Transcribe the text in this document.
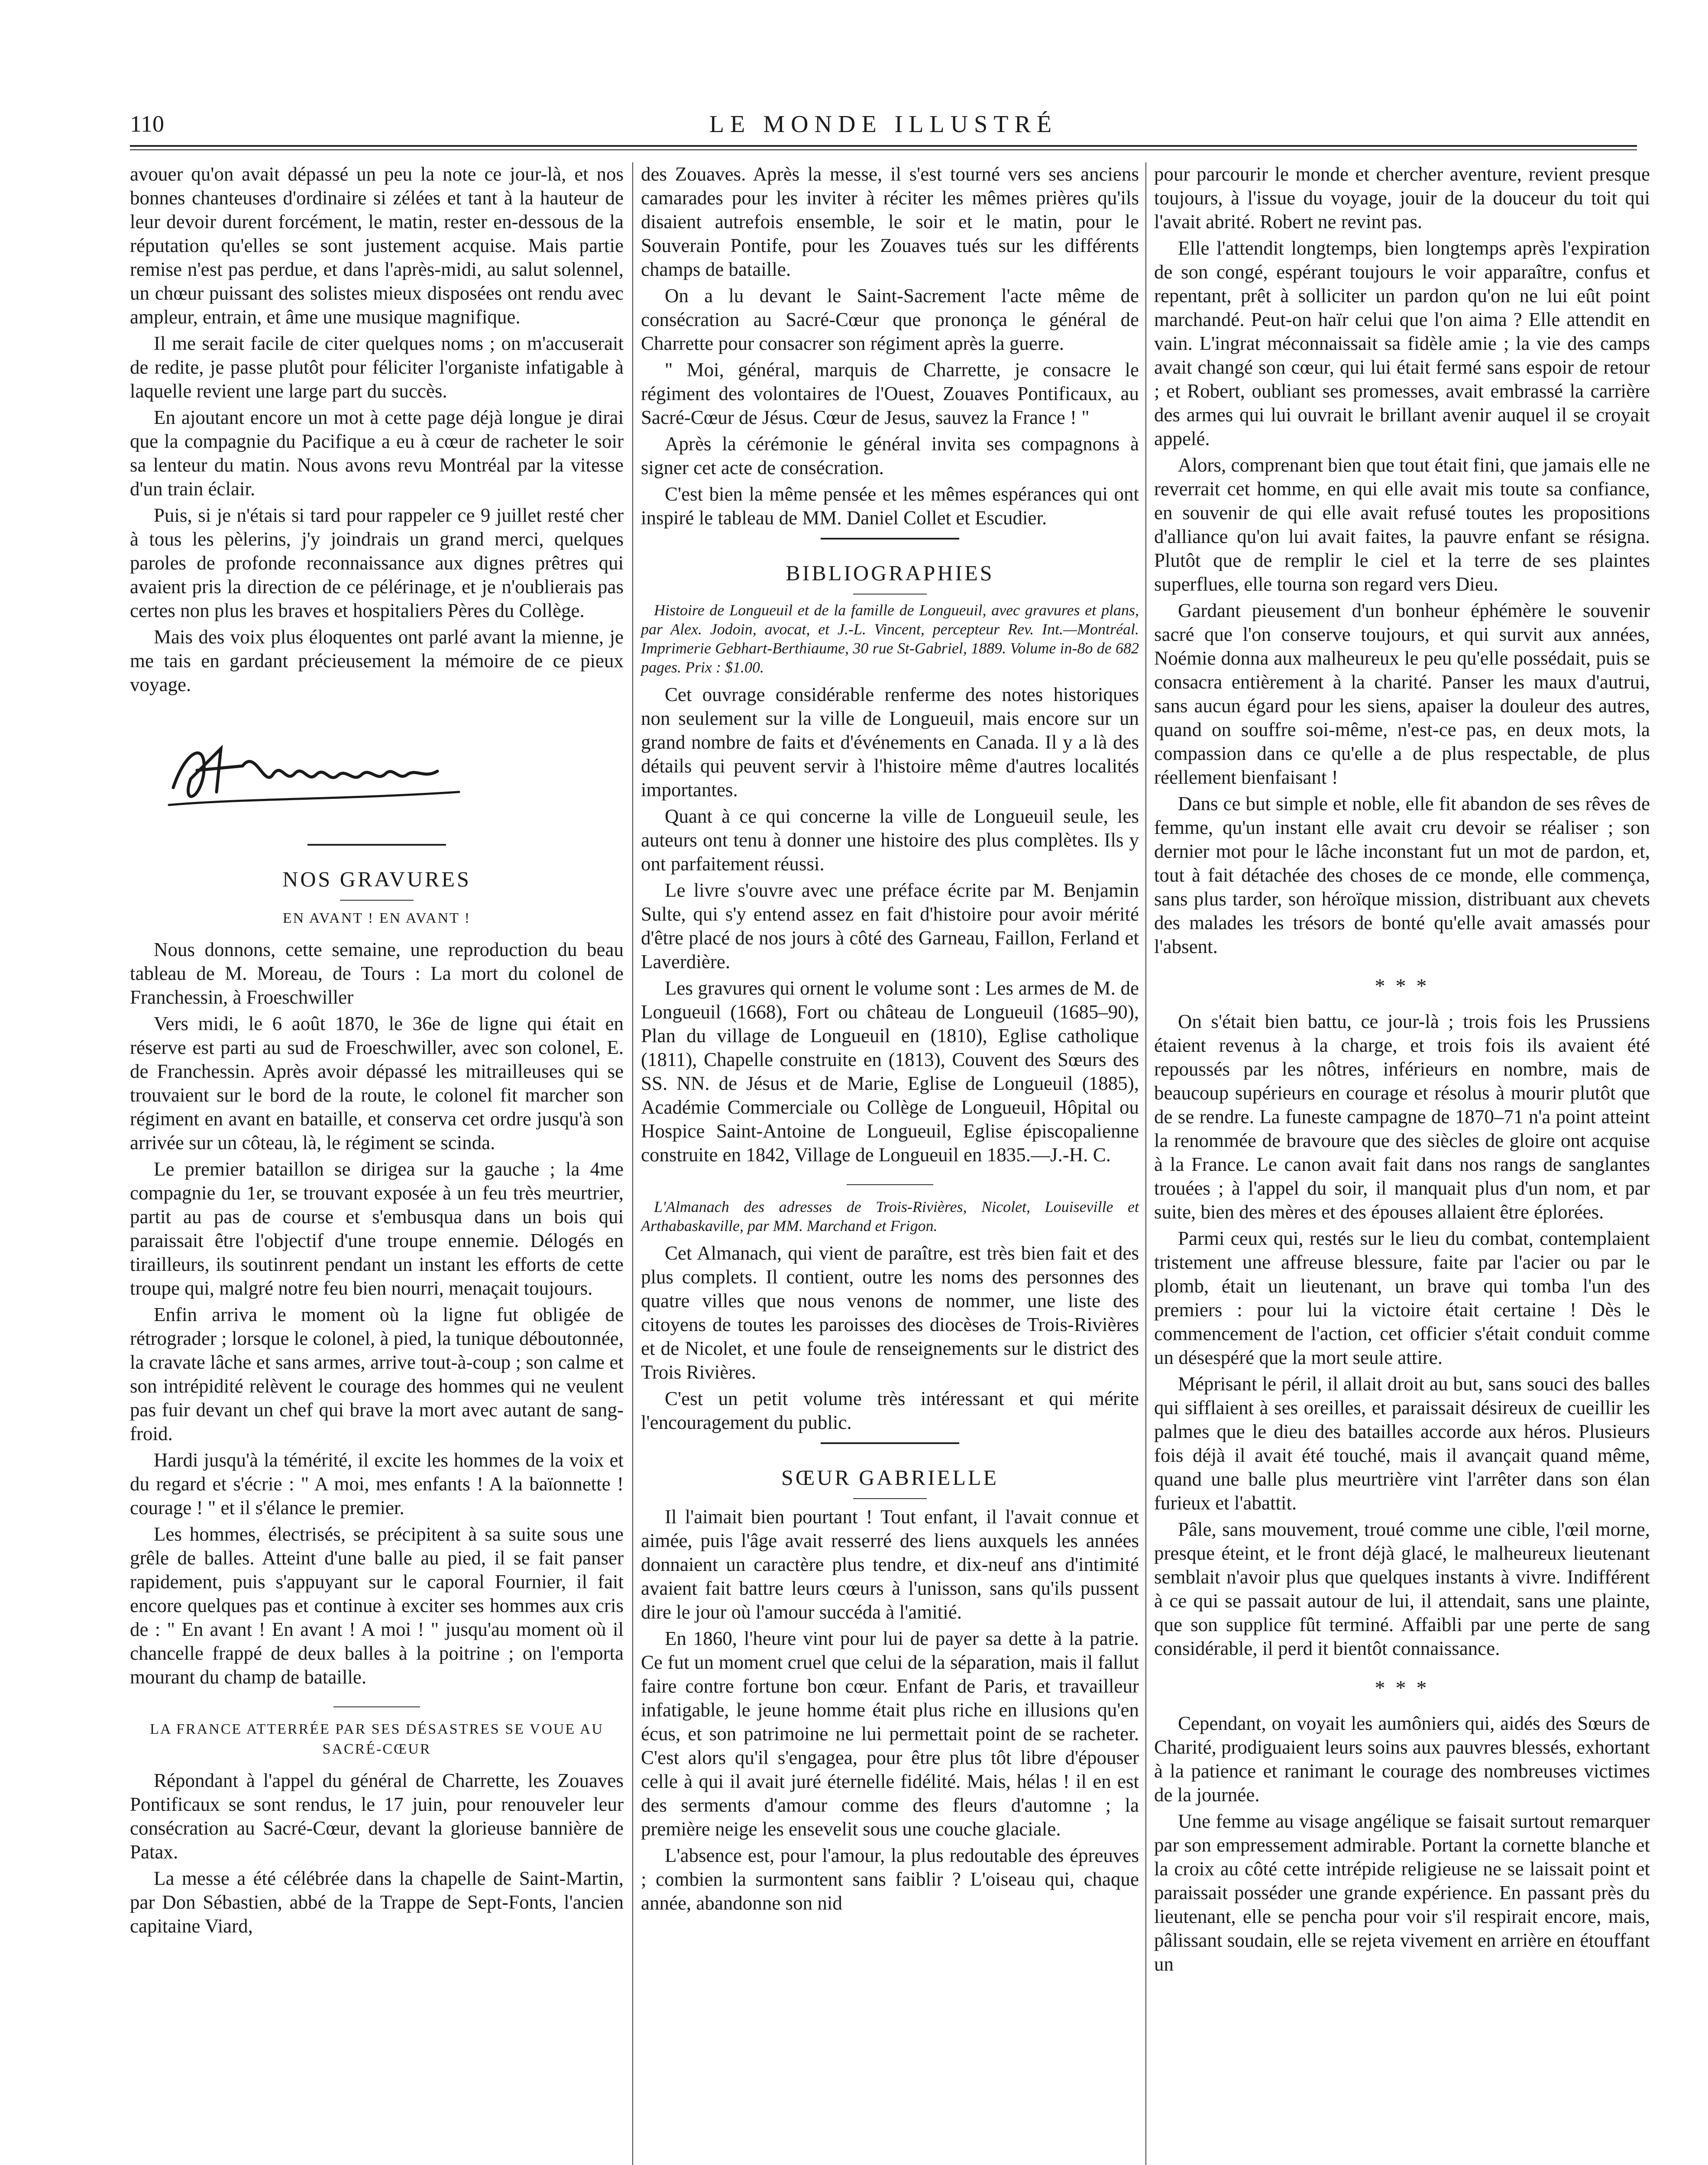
110	LE MONDE ILLUSTRÉ

avouer qu'on avait dépassé un peu la note ce jour-là, et nos bonnes chanteuses d'ordinaire si zélées et tant à la hauteur de leur devoir durent forcément, le matin, rester en-dessous de la réputation qu'elles se sont justement acquise. Mais partie remise n'est pas perdue, et dans l'après-midi, au salut solennel, un chœur puissant des solistes mieux disposées ont rendu avec ampleur, entrain, et âme une musique magnifique.

Il me serait facile de citer quelques noms ; on m'accuserait de redite, je passe plutôt pour féliciter l'organiste infatigable à laquelle revient une large part du succès.

En ajoutant encore un mot à cette page déjà longue je dirai que la compagnie du Pacifique a eu à cœur de racheter le soir sa lenteur du matin. Nous avons revu Montréal par la vitesse d'un train éclair.

Puis, si je n'étais si tard pour rappeler ce 9 juillet resté cher à tous les pèlerins, j'y joindrais un grand merci, quelques paroles de profonde reconnaissance aux dignes prêtres qui avaient pris la direction de ce pélérinage, et je n'oublierais pas certes non plus les braves et hospitaliers Pères du Collège.

Mais des voix plus éloquentes ont parlé avant la mienne, je me tais en gardant précieusement la mémoire de ce pieux voyage.

NOS GRAVURES
EN AVANT ! EN AVANT !

Nous donnons, cette semaine, une reproduction du beau tableau de M. Moreau, de Tours : La mort du colonel de Franchessin, à Froeschwiller

Vers midi, le 6 août 1870, le 36e de ligne qui était en réserve est parti au sud de Froeschwiller, avec son colonel, E. de Franchessin. Après avoir dépassé les mitrailleuses qui se trouvaient sur le bord de la route, le colonel fit marcher son régiment en avant en bataille, et conserva cet ordre jusqu'à son arrivée sur un côteau, là, le régiment se scinda.

Le premier bataillon se dirigea sur la gauche ; la 4me compagnie du 1er, se trouvant exposée à un feu très meurtrier, partit au pas de course et s'embusqua dans un bois qui paraissait être l'objectif d'une troupe ennemie. Délogés en tirailleurs, ils soutinrent pendant un instant les efforts de cette troupe qui, malgré notre feu bien nourri, menaçait toujours.

Enfin arriva le moment où la ligne fut obligée de rétrograder ; lorsque le colonel, à pied, la tunique déboutonnée, la cravate lâche et sans armes, arrive tout-à-coup ; son calme et son intrépidité relèvent le courage des hommes qui ne veulent pas fuir devant un chef qui brave la mort avec autant de sang-froid.

Hardi jusqu'à la témérité, il excite les hommes de la voix et du regard et s'écrie : " A moi, mes enfants ! A la baïonnette ! courage ! " et il s'élance le premier.

Les hommes, électrisés, se précipitent à sa suite sous une grêle de balles. Atteint d'une balle au pied, il se fait panser rapidement, puis s'appuyant sur le caporal Fournier, il fait encore quelques pas et continue à exciter ses hommes aux cris de : " En avant ! En avant ! A moi ! " jusqu'au moment où il chancelle frappé de deux balles à la poitrine ; on l'emporta mourant du champ de bataille.

LA FRANCE ATTERRÉE PAR SES DÉSASTRES SE VOUE AU SACRÉ-CŒUR

Répondant à l'appel du général de Charrette, les Zouaves Pontificaux se sont rendus, le 17 juin, pour renouveler leur consécration au Sacré-Cœur, devant la glorieuse bannière de Patax.

La messe a été célébrée dans la chapelle de Saint-Martin, par Don Sébastien, abbé de la Trappe de Sept-Fonts, l'ancien capitaine Viard,

des Zouaves. Après la messe, il s'est tourné vers ses anciens camarades pour les inviter à réciter les mêmes prières qu'ils disaient autrefois ensemble, le soir et le matin, pour le Souverain Pontife, pour les Zouaves tués sur les différents champs de bataille.

On a lu devant le Saint-Sacrement l'acte même de consécration au Sacré-Cœur que prononça le général de Charrette pour consacrer son régiment après la guerre.

" Moi, général, marquis de Charrette, je consacre le régiment des volontaires de l'Ouest, Zouaves Pontificaux, au Sacré-Cœur de Jésus. Cœur de Jesus, sauvez la France ! "

Après la cérémonie le général invita ses compagnons à signer cet acte de consécration.

C'est bien la même pensée et les mêmes espérances qui ont inspiré le tableau de MM. Daniel Collet et Escudier.

BIBLIOGRAPHIES

Histoire de Longueuil et de la famille de Longueuil, avec gravures et plans, par Alex. Jodoin, avocat, et J.-L. Vincent, percepteur Rev. Int.—Montréal. Imprimerie Gebhart-Berthiaume, 30 rue St-Gabriel, 1889. Volume in-8o de 682 pages. Prix : $1.00.

Cet ouvrage considérable renferme des notes historiques non seulement sur la ville de Longueuil, mais encore sur un grand nombre de faits et d'événements en Canada. Il y a là des détails qui peuvent servir à l'histoire même d'autres localités importantes.

Quant à ce qui concerne la ville de Longueuil seule, les auteurs ont tenu à donner une histoire des plus complètes. Ils y ont parfaitement réussi.

Le livre s'ouvre avec une préface écrite par M. Benjamin Sulte, qui s'y entend assez en fait d'histoire pour avoir mérité d'être placé de nos jours à côté des Garneau, Faillon, Ferland et Laverdière.

Les gravures qui ornent le volume sont : Les armes de M. de Longueuil (1668), Fort ou château de Longueuil (1685–90), Plan du village de Longueuil en (1810), Eglise catholique (1811), Chapelle construite en (1813), Couvent des Sœurs des SS. NN. de Jésus et de Marie, Eglise de Longueuil (1885), Académie Commerciale ou Collège de Longueuil, Hôpital ou Hospice Saint-Antoine de Longueuil, Eglise épiscopalienne construite en 1842, Village de Longueuil en 1835.—J.-H. C.

L'Almanach des adresses de Trois-Rivières, Nicolet, Louiseville et Arthabaskaville, par MM. Marchand et Frigon.

Cet Almanach, qui vient de paraître, est très bien fait et des plus complets. Il contient, outre les noms des personnes des quatre villes que nous venons de nommer, une liste des citoyens de toutes les paroisses des diocèses de Trois-Rivières et de Nicolet, et une foule de renseignements sur le district des Trois Rivières.

C'est un petit volume très intéressant et qui mérite l'encouragement du public.

SŒUR GABRIELLE

Il l'aimait bien pourtant ! Tout enfant, il l'avait connue et aimée, puis l'âge avait resserré des liens auxquels les années donnaient un caractère plus tendre, et dix-neuf ans d'intimité avaient fait battre leurs cœurs à l'unisson, sans qu'ils pussent dire le jour où l'amour succéda à l'amitié.

En 1860, l'heure vint pour lui de payer sa dette à la patrie. Ce fut un moment cruel que celui de la séparation, mais il fallut faire contre fortune bon cœur. Enfant de Paris, et travailleur infatigable, le jeune homme était plus riche en illusions qu'en écus, et son patrimoine ne lui permettait point de se racheter. C'est alors qu'il s'engagea, pour être plus tôt libre d'épouser celle à qui il avait juré éternelle fidélité. Mais, hélas ! il en est des serments d'amour comme des fleurs d'automne ; la première neige les ensevelit sous une couche glaciale.

L'absence est, pour l'amour, la plus redoutable des épreuves ; combien la surmontent sans faiblir ? L'oiseau qui, chaque année, abandonne son nid

pour parcourir le monde et chercher aventure, revient presque toujours, à l'issue du voyage, jouir de la douceur du toit qui l'avait abrité. Robert ne revint pas.

Elle l'attendit longtemps, bien longtemps après l'expiration de son congé, espérant toujours le voir apparaître, confus et repentant, prêt à solliciter un pardon qu'on ne lui eût point marchandé. Peut-on haïr celui que l'on aima ? Elle attendit en vain. L'ingrat méconnaissait sa fidèle amie ; la vie des camps avait changé son cœur, qui lui était fermé sans espoir de retour ; et Robert, oubliant ses promesses, avait embrassé la carrière des armes qui lui ouvrait le brillant avenir auquel il se croyait appelé.

Alors, comprenant bien que tout était fini, que jamais elle ne reverrait cet homme, en qui elle avait mis toute sa confiance, en souvenir de qui elle avait refusé toutes les propositions d'alliance qu'on lui avait faites, la pauvre enfant se résigna. Plutôt que de remplir le ciel et la terre de ses plaintes superflues, elle tourna son regard vers Dieu.

Gardant pieusement d'un bonheur éphémère le souvenir sacré que l'on conserve toujours, et qui survit aux années, Noémie donna aux malheureux le peu qu'elle possédait, puis se consacra entièrement à la charité. Panser les maux d'autrui, sans aucun égard pour les siens, apaiser la douleur des autres, quand on souffre soi-même, n'est-ce pas, en deux mots, la compassion dans ce qu'elle a de plus respectable, de plus réellement bienfaisant !

Dans ce but simple et noble, elle fit abandon de ses rêves de femme, qu'un instant elle avait cru devoir se réaliser ; son dernier mot pour le lâche inconstant fut un mot de pardon, et, tout à fait détachée des choses de ce monde, elle commença, sans plus tarder, son héroïque mission, distribuant aux chevets des malades les trésors de bonté qu'elle avait amassés pour l'absent.

* * *

On s'était bien battu, ce jour-là ; trois fois les Prussiens étaient revenus à la charge, et trois fois ils avaient été repoussés par les nôtres, inférieurs en nombre, mais de beaucoup supérieurs en courage et résolus à mourir plutôt que de se rendre. La funeste campagne de 1870–71 n'a point atteint la renommée de bravoure que des siècles de gloire ont acquise à la France. Le canon avait fait dans nos rangs de sanglantes trouées ; à l'appel du soir, il manquait plus d'un nom, et par suite, bien des mères et des épouses allaient être éplorées.

Parmi ceux qui, restés sur le lieu du combat, contemplaient tristement une affreuse blessure, faite par l'acier ou par le plomb, était un lieutenant, un brave qui tomba l'un des premiers : pour lui la victoire était certaine ! Dès le commencement de l'action, cet officier s'était conduit comme un désespéré que la mort seule attire.

Méprisant le péril, il allait droit au but, sans souci des balles qui sifflaient à ses oreilles, et paraissait désireux de cueillir les palmes que le dieu des batailles accorde aux héros. Plusieurs fois déjà il avait été touché, mais il avançait quand même, quand une balle plus meurtrière vint l'arrêter dans son élan furieux et l'abattit.

Pâle, sans mouvement, troué comme une cible, l'œil morne, presque éteint, et le front déjà glacé, le malheureux lieutenant semblait n'avoir plus que quelques instants à vivre. Indifférent à ce qui se passait autour de lui, il attendait, sans une plainte, que son supplice fût terminé. Affaibli par une perte de sang considérable, il perd it bientôt connaissance.

* * *

Cependant, on voyait les aumôniers qui, aidés des Sœurs de Charité, prodiguaient leurs soins aux pauvres blessés, exhortant à la patience et ranimant le courage des nombreuses victimes de la journée.

Une femme au visage angélique se faisait surtout remarquer par son empressement admirable. Portant la cornette blanche et la croix au côté cette intrépide religieuse ne se laissait point et paraissait posséder une grande expérience. En passant près du lieutenant, elle se pencha pour voir s'il respirait encore, mais, pâlissant soudain, elle se rejeta vivement en arrière en étouffant un
